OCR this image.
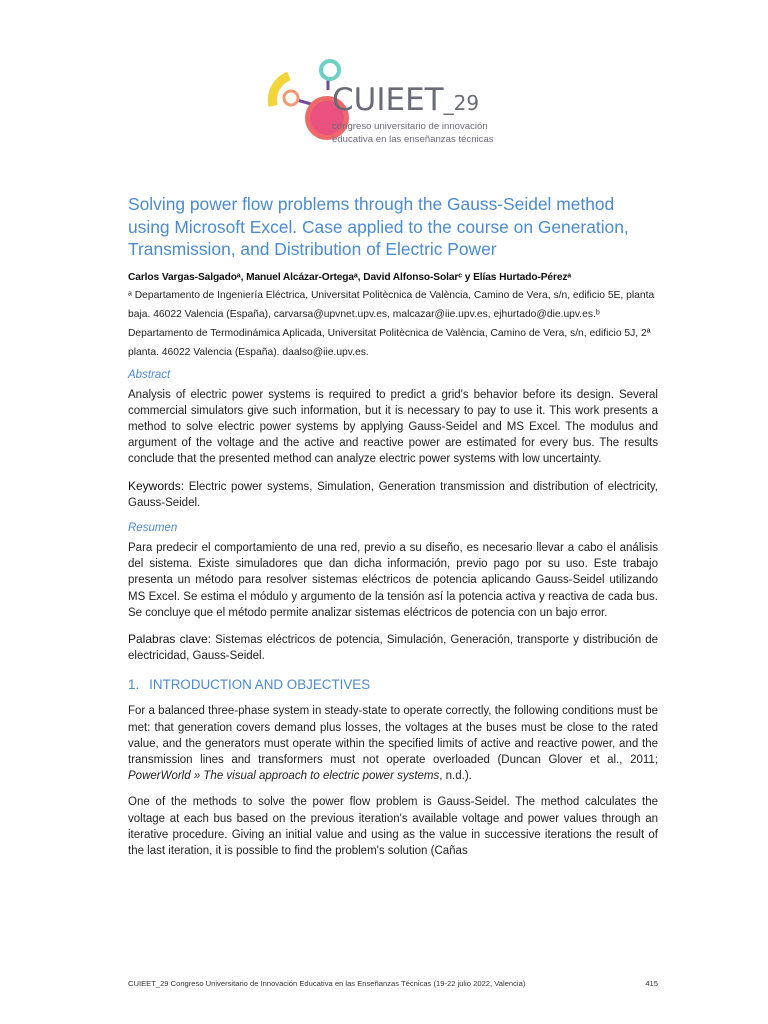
CUIEET_29
congreso universitario de innovación
educativa en las enseñanzas técnicas
Solving power flow problems through the Gauss-Seidel method using Microsoft Excel. Case applied to the course on Generation, Transmission, and Distribution of Electric Power
Carlos Vargas-Salgadoᵃ, Manuel Alcázar-Ortegaᵃ, David Alfonso-Solarᶜ y Elías Hurtado-Pérezᵃ
ᵃ Departamento de Ingeniería Eléctrica, Universitat Politècnica de València, Camino de Vera, s/n, edificio 5E, planta baja. 46022 Valencia (España), carvarsa@upvnet.upv.es, malcazar@iie.upv.es, ejhurtado@die.upv.es.ᵇ Departamento de Termodinámica Aplicada, Universitat Politècnica de València, Camino de Vera, s/n, edificio 5J, 2ª planta. 46022 Valencia (España). daalso@iie.upv.es.
Abstract
Analysis of electric power systems is required to predict a grid's behavior before its design. Several commercial simulators give such information, but it is necessary to pay to use it. This work presents a method to solve electric power systems by applying Gauss-Seidel and MS Excel. The modulus and argument of the voltage and the active and reactive power are estimated for every bus. The results conclude that the presented method can analyze electric power systems with low uncertainty.
Keywords: Electric power systems, Simulation, Generation transmission and distribution of electricity, Gauss-Seidel.
Resumen
Para predecir el comportamiento de una red, previo a su diseño, es necesario llevar a cabo el análisis del sistema. Existe simuladores que dan dicha información, previo pago por su uso. Este trabajo presenta un método para resolver sistemas eléctricos de potencia aplicando Gauss-Seidel utilizando MS Excel. Se estima el módulo y argumento de la tensión así la potencia activa y reactiva de cada bus. Se concluye que el método permite analizar sistemas eléctricos de potencia con un bajo error.
Palabras clave: Sistemas eléctricos de potencia, Simulación, Generación, transporte y distribución de electricidad, Gauss-Seidel.
1. INTRODUCTION AND OBJECTIVES
For a balanced three-phase system in steady-state to operate correctly, the following conditions must be met: that generation covers demand plus losses, the voltages at the buses must be close to the rated value, and the generators must operate within the specified limits of active and reactive power, and the transmission lines and transformers must not operate overloaded (Duncan Glover et al., 2011; PowerWorld » The visual approach to electric power systems, n.d.).
One of the methods to solve the power flow problem is Gauss-Seidel. The method calculates the voltage at each bus based on the previous iteration's available voltage and power values through an iterative procedure. Giving an initial value and using as the value in successive iterations the result of the last iteration, it is possible to find the problem's solution (Cañas
CUIEET_29 Congreso Universitario de Innovación Educativa en las Enseñanzas Técnicas (19-22 julio 2022, Valencia)	415
